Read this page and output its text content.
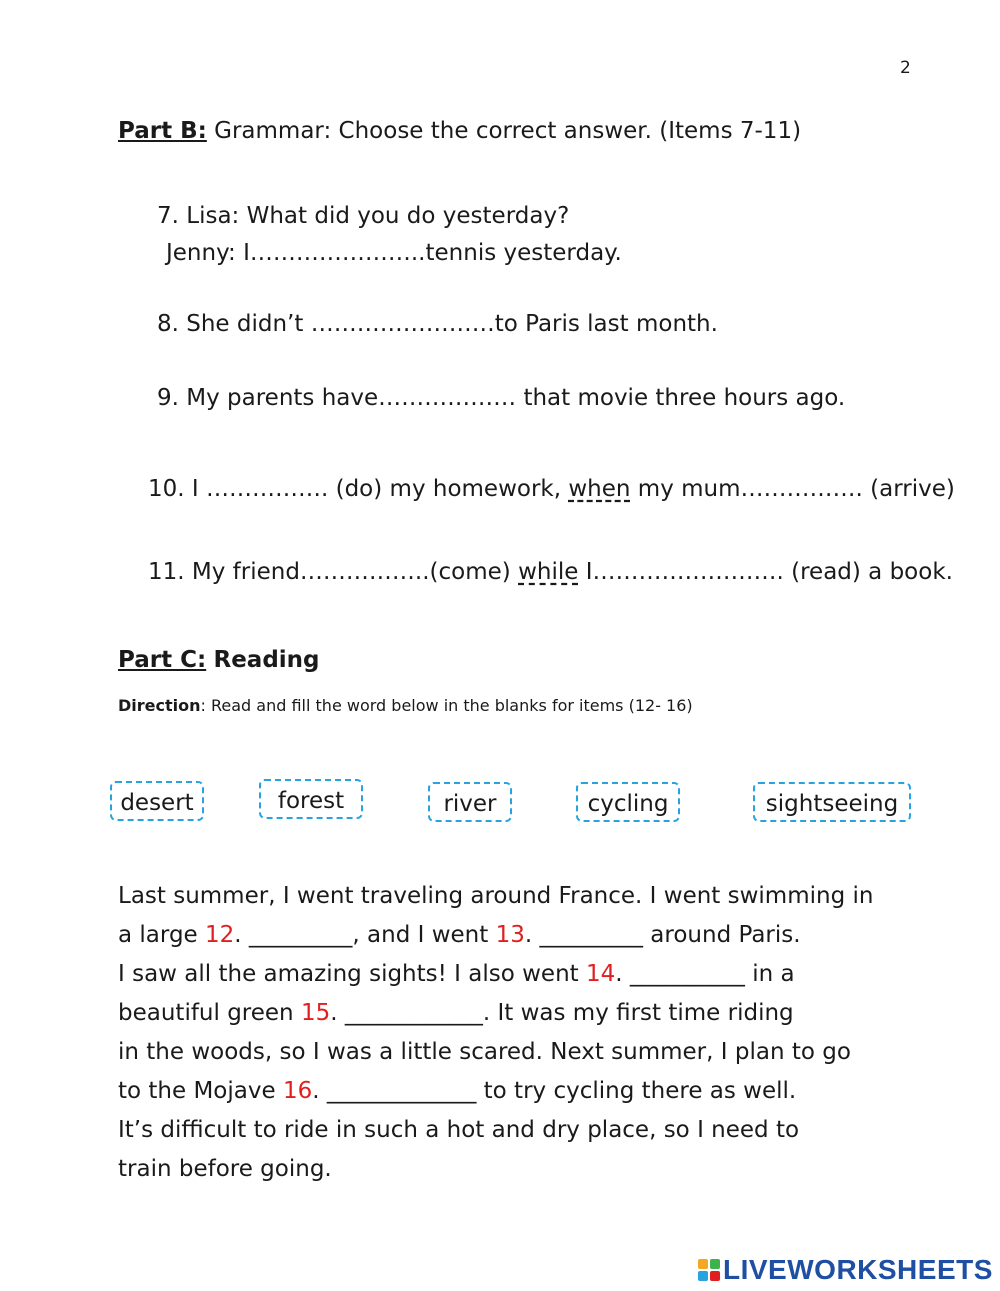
2
Part B: Grammar: Choose the correct answer. (Items 7-11)
7. Lisa: What did you do yesterday?
Jenny: I…………………..tennis yesterday.
8. She didn’t ……………………to Paris last month.
9. My parents have……………… that movie three hours ago.
10. I ……………. (do) my homework, when my mum……………. (arrive)
11. My friend……………..(come) while I……………………. (read) a book.
Part C: Reading
Direction: Read and fill the word below in the blanks for items (12- 16)
desert	forest	river	cycling	sightseeing
Last summer, I went traveling around France. I went swimming in
a large 12. _________, and I went 13. _________ around Paris.
I saw all the amazing sights! I also went 14. __________ in a
beautiful green 15. ____________. It was my first time riding
in the woods, so I was a little scared. Next summer, I plan to go
to the Mojave 16. _____________ to try cycling there as well.
It’s difficult to ride in such a hot and dry place, so I need to
train before going.
LIVEWORKSHEETS
